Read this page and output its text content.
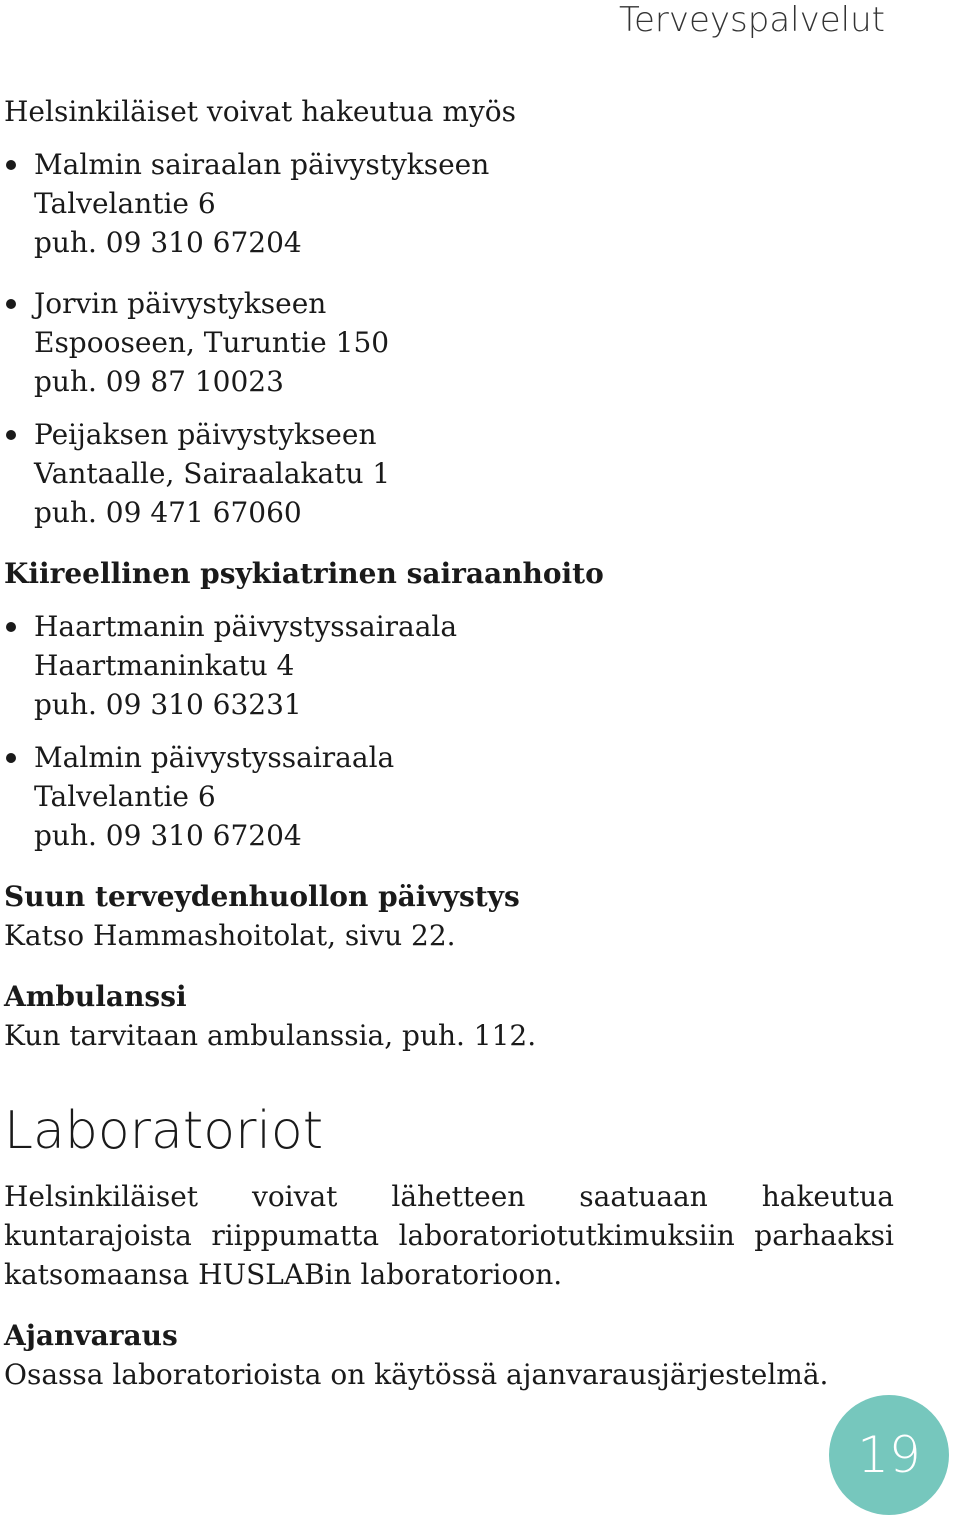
Terveyspalvelut

Helsinkiläiset voivat hakeutua myös

Malmin sairaalan päivystykseen
Talvelantie 6
puh. 09 310 67204
Jorvin päivystykseen
Espooseen, Turuntie 150
puh. 09 87 10023
Peijaksen päivystykseen
Vantaalle, Sairaalakatu 1
puh. 09 471 67060

Kiireellinen psykiatrinen sairaanhoito

Haartmanin päivystyssairaala
Haartmaninkatu 4
puh. 09 310 63231
Malmin päivystyssairaala
Talvelantie 6
puh. 09 310 67204

Suun terveydenhuollon päivystys

Katso Hammashoitolat, sivu 22.

Ambulanssi

Kun tarvitaan ambulanssia, puh. 112.

Laboratoriot

Helsinkiläiset voivat lähetteen saatuaan hakeutua kuntarajoista riippumatta laboratoriotutkimuksiin parhaaksi katsomaansa HUSLABin laboratorioon.

Ajanvaraus

Osassa laboratorioista on käytössä ajanvarausjärjestelmä.

19
